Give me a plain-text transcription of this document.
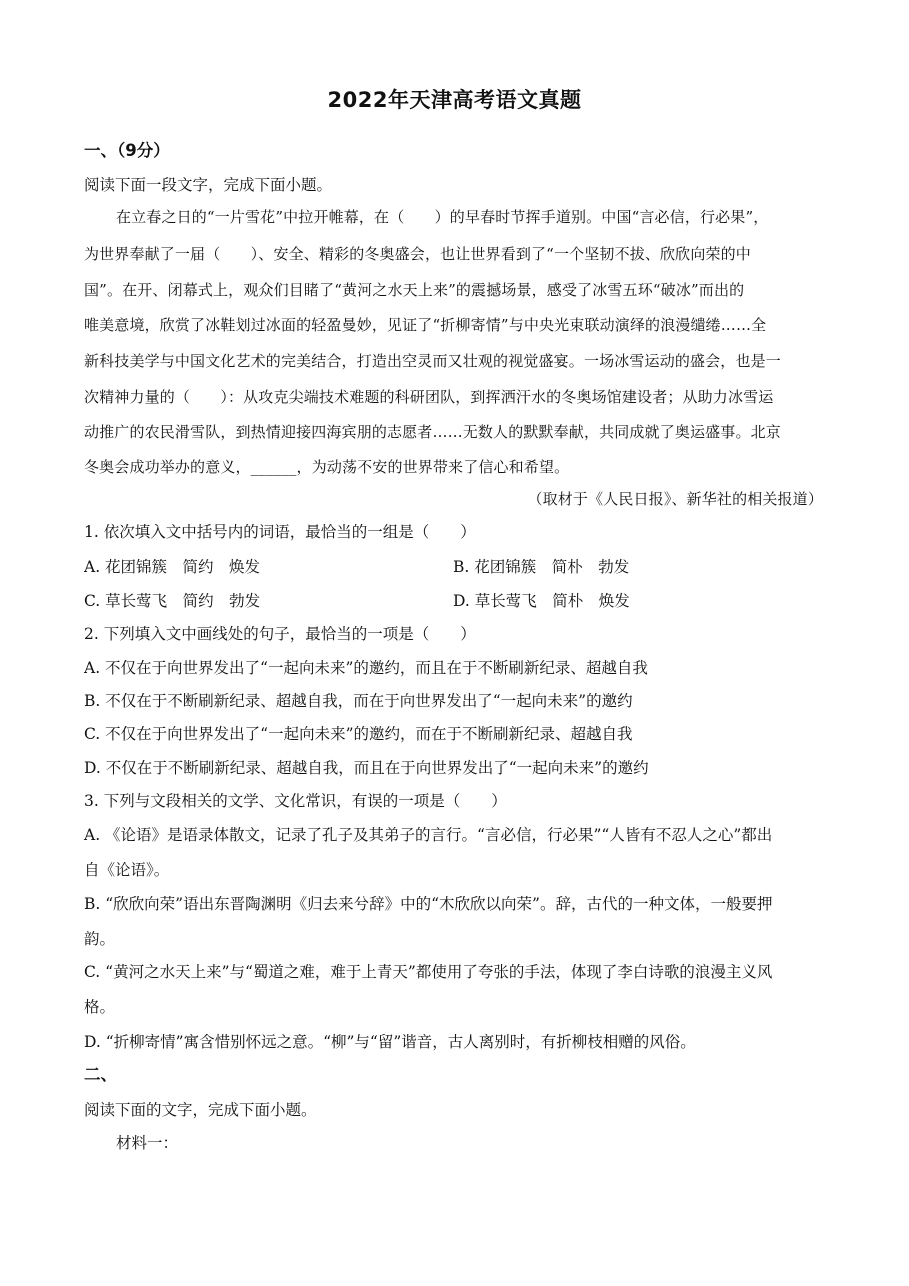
2022年天津高考语文真题
一、（9分）
阅读下面一段文字，完成下面小题。
在立春之日的“一片雪花”中拉开帷幕，在（　　）的早春时节挥手道别。中国“言必信，行必果”，
为世界奉献了一届（　　）、安全、精彩的冬奥盛会，也让世界看到了“一个坚韧不拔、欣欣向荣的中
国”。在开、闭幕式上，观众们目睹了“黄河之水天上来”的震撼场景，感受了冰雪五环“破冰”而出的
唯美意境，欣赏了冰鞋划过冰面的轻盈曼妙，见证了“折柳寄情”与中央光束联动演绎的浪漫缱绻……全
新科技美学与中国文化艺术的完美结合，打造出空灵而又壮观的视觉盛宴。一场冰雪运动的盛会，也是一
次精神力量的（　　）：从攻克尖端技术难题的科研团队，到挥洒汗水的冬奥场馆建设者；从助力冰雪运
动推广的农民滑雪队，到热情迎接四海宾朋的志愿者……无数人的默默奉献，共同成就了奥运盛事。北京
冬奥会成功举办的意义，______，为动荡不安的世界带来了信心和希望。
（取材于《人民日报》、新华社的相关报道）
1. 依次填入文中括号内的词语，最恰当的一组是（　　）
A. 花团锦簇　简约　焕发	B. 花团锦簇　简朴　勃发
C. 草长莺飞　简约　勃发	D. 草长莺飞　简朴　焕发
2. 下列填入文中画线处的句子，最恰当的一项是（　　）
A. 不仅在于向世界发出了“一起向未来”的邀约，而且在于不断刷新纪录、超越自我
B. 不仅在于不断刷新纪录、超越自我，而在于向世界发出了“一起向未来”的邀约
C. 不仅在于向世界发出了“一起向未来”的邀约，而在于不断刷新纪录、超越自我
D. 不仅在于不断刷新纪录、超越自我，而且在于向世界发出了“一起向未来”的邀约
3. 下列与文段相关的文学、文化常识，有误的一项是（　　）
A. 《论语》是语录体散文，记录了孔子及其弟子的言行。“言必信，行必果”“人皆有不忍人之心”都出
自《论语》。
B. “欣欣向荣”语出东晋陶渊明《归去来兮辞》中的“木欣欣以向荣”。辞，古代的一种文体，一般要押
韵。
C. “黄河之水天上来”与“蜀道之难，难于上青天”都使用了夸张的手法，体现了李白诗歌的浪漫主义风
格。
D. “折柳寄情”寓含惜别怀远之意。“柳”与“留”谐音，古人离别时，有折柳枝相赠的风俗。
二、
阅读下面的文字，完成下面小题。
材料一：
